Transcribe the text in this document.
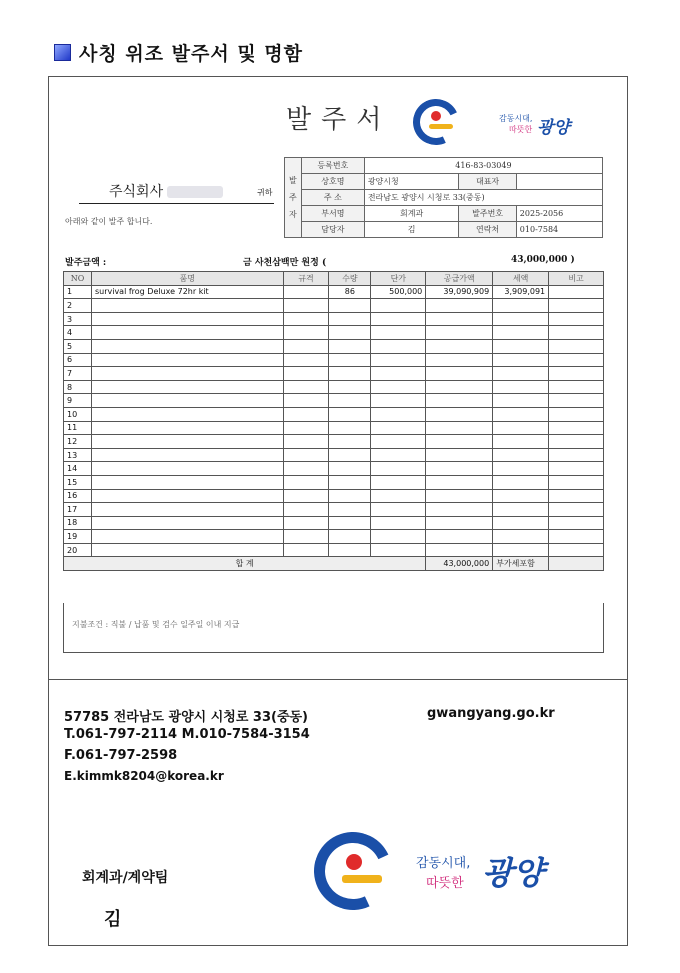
사칭 위조 발주서 및 명함
발주서	감동시대,
따뜻한 광양
발
주
자	등록번호	416-83-03049		
	상호명	광양시청	대표자	
	주 소	전라남도 광양시 시청로 33(중동)		
	부서명	회계과	발주번호	2025-2056
	담당자	김	연락처	010-7584
주식회사	귀하
아래와 같이 발주 합니다.
발주금액 :	금 사천삼백만 원정 (	43,000,000 )
NO	품명	규격	수량	단가	공급가액	세액	비고
1	survival frog Deluxe 72hr kit		86	500,000	39,090,909	3,909,091	
2							
3							
4							
5							
6							
7							
8							
9							
10							
11							
12							
13							
14							
15							
16							
17							
18							
19							
20							
합 계					43,000,000	부가세포함	
지불조건 : 직불 / 납품 및 검수 일주일 이내 지급
57785 전라남도 광양시 시청로 33(중동)
T.061-797-2114 M.010-7584-3154
F.061-797-2598
E.kimmk8204@korea.kr
gwangyang.go.kr
감동시대,
따뜻한 광양
회계과/계약팀
김
